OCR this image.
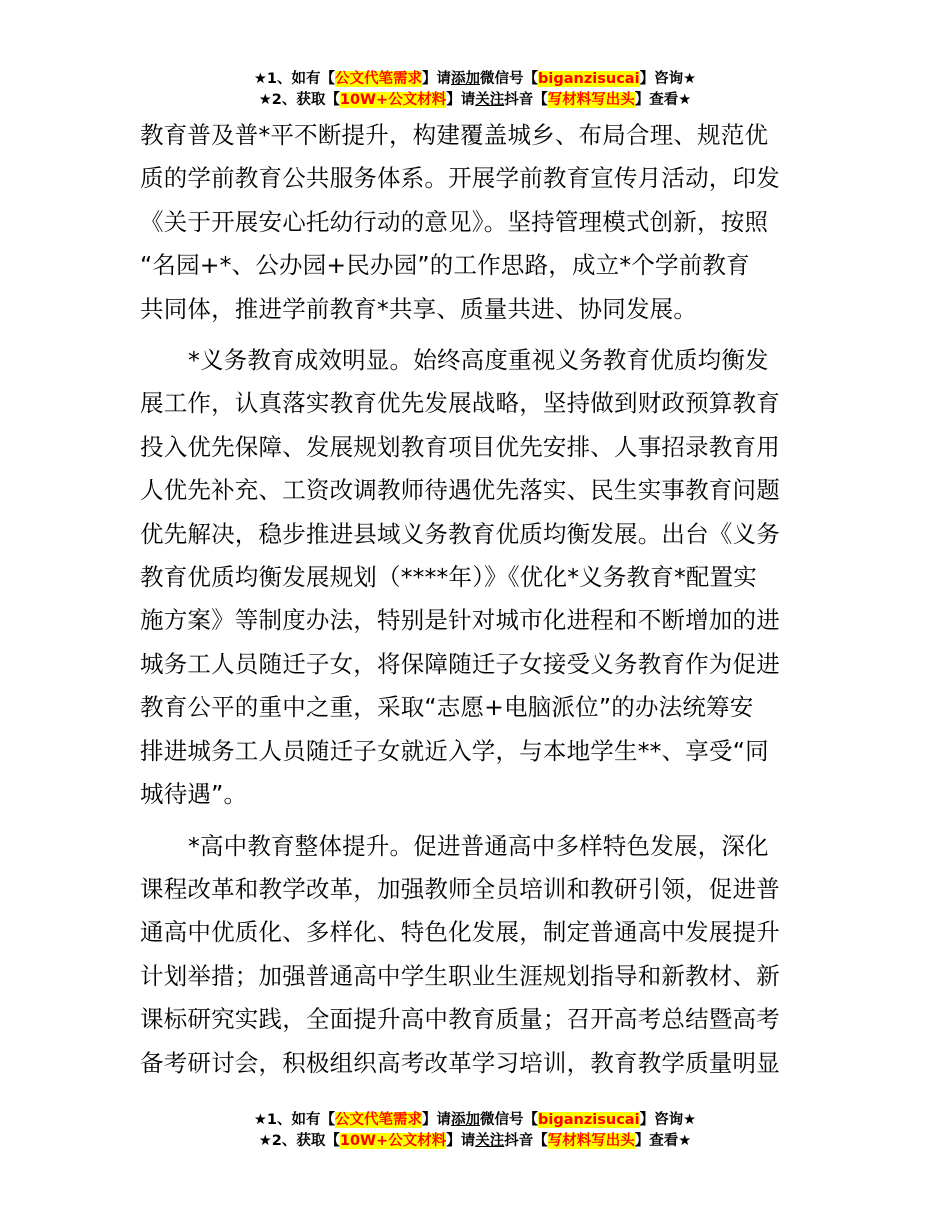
★1、如有【公文代笔需求】请添加微信号【biganzisucai】咨询★
★2、获取【10W+公文材料】请关注抖音【写材料写出头】查看★

教育普及普*平不断提升，构建覆盖城乡、布局合理、规范优
质的学前教育公共服务体系。开展学前教育宣传月活动，印发
《关于开展安心托幼行动的意见》。坚持管理模式创新，按照
“名园+*、公办园+民办园”的工作思路，成立*个学前教育
共同体，推进学前教育*共享、质量共进、协同发展。

*义务教育成效明显。始终高度重视义务教育优质均衡发
展工作，认真落实教育优先发展战略，坚持做到财政预算教育
投入优先保障、发展规划教育项目优先安排、人事招录教育用
人优先补充、工资改调教师待遇优先落实、民生实事教育问题
优先解决，稳步推进县域义务教育优质均衡发展。出台《义务
教育优质均衡发展规划（****年）》《优化*义务教育*配置实
施方案》等制度办法，特别是针对城市化进程和不断增加的进
城务工人员随迁子女，将保障随迁子女接受义务教育作为促进
教育公平的重中之重，采取“志愿+电脑派位”的办法统筹安
排进城务工人员随迁子女就近入学，与本地学生**、享受“同
城待遇”。

*高中教育整体提升。促进普通高中多样特色发展，深化
课程改革和教学改革，加强教师全员培训和教研引领，促进普
通高中优质化、多样化、特色化发展，制定普通高中发展提升
计划举措；加强普通高中学生职业生涯规划指导和新教材、新
课标研究实践，全面提升高中教育质量；召开高考总结暨高考
备考研讨会，积极组织高考改革学习培训，教育教学质量明显

★1、如有【公文代笔需求】请添加微信号【biganzisucai】咨询★
★2、获取【10W+公文材料】请关注抖音【写材料写出头】查看★
